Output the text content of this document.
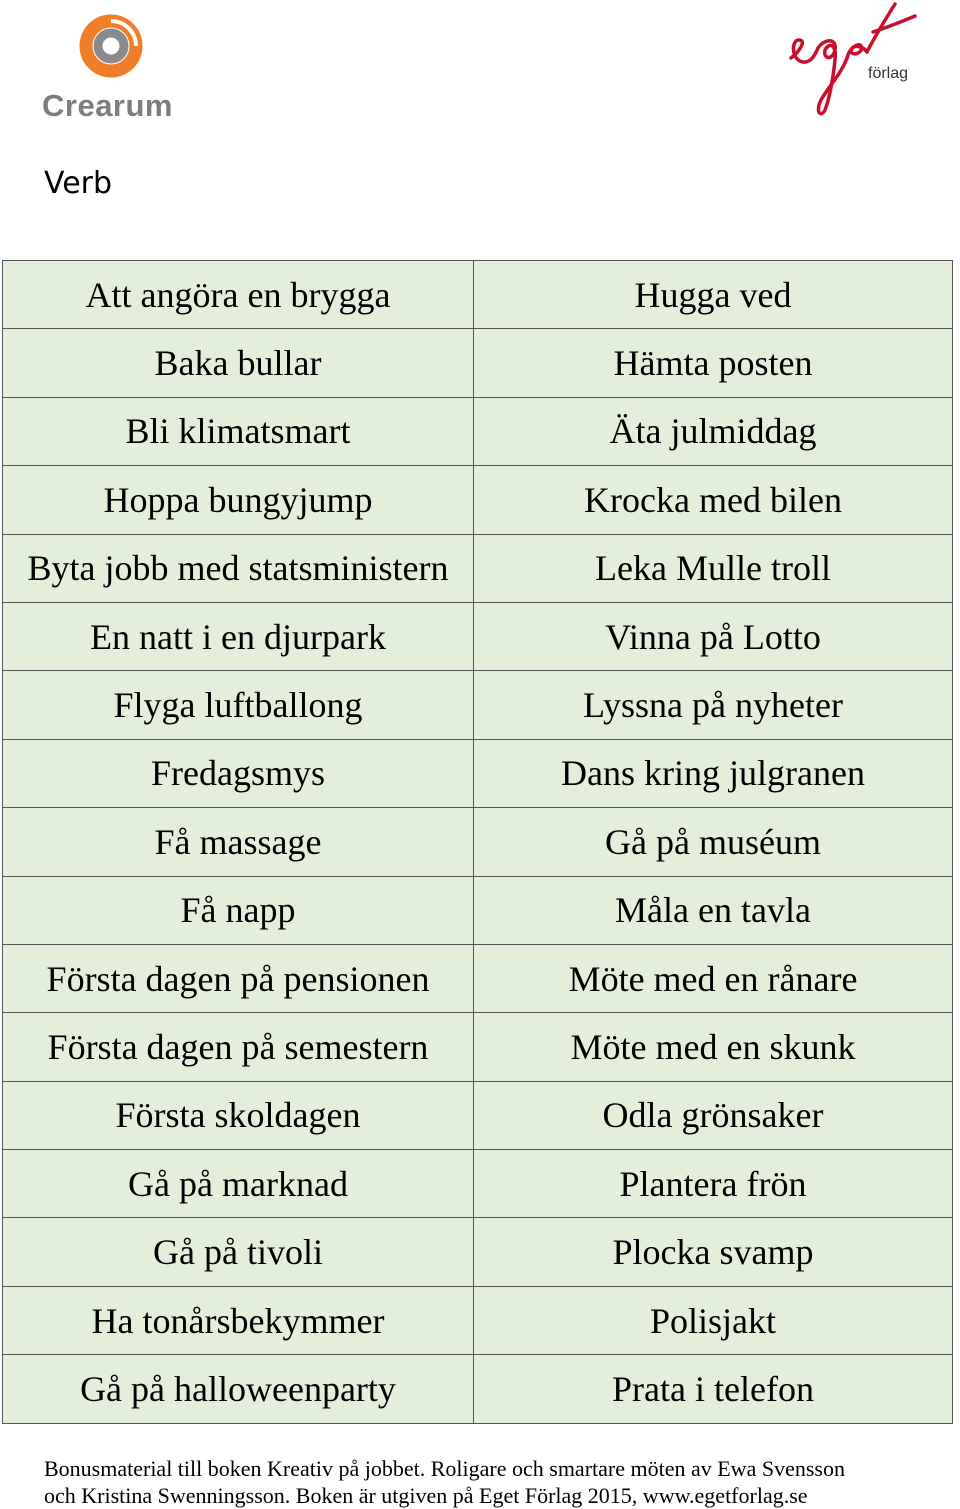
Crearum
förlag
Verb
Att angöra en brygga	Hugga ved
Baka bullar	Hämta posten
Bli klimatsmart	Äta julmiddag
Hoppa bungyjump	Krocka med bilen
Byta jobb med statsministern	Leka Mulle troll
En natt i en djurpark	Vinna på Lotto
Flyga luftballong	Lyssna på nyheter
Fredagsmys	Dans kring julgranen
Få massage	Gå på muséum
Få napp	Måla en tavla
Första dagen på pensionen	Möte med en rånare
Första dagen på semestern	Möte med en skunk
Första skoldagen	Odla grönsaker
Gå på marknad	Plantera frön
Gå på tivoli	Plocka svamp
Ha tonårsbekymmer	Polisjakt
Gå på halloweenparty	Prata i telefon
Bonusmaterial till boken Kreativ på jobbet. Roligare och smartare möten av Ewa Svensson
och Kristina Swenningsson. Boken är utgiven på Eget Förlag 2015, www.egetforlag.se
